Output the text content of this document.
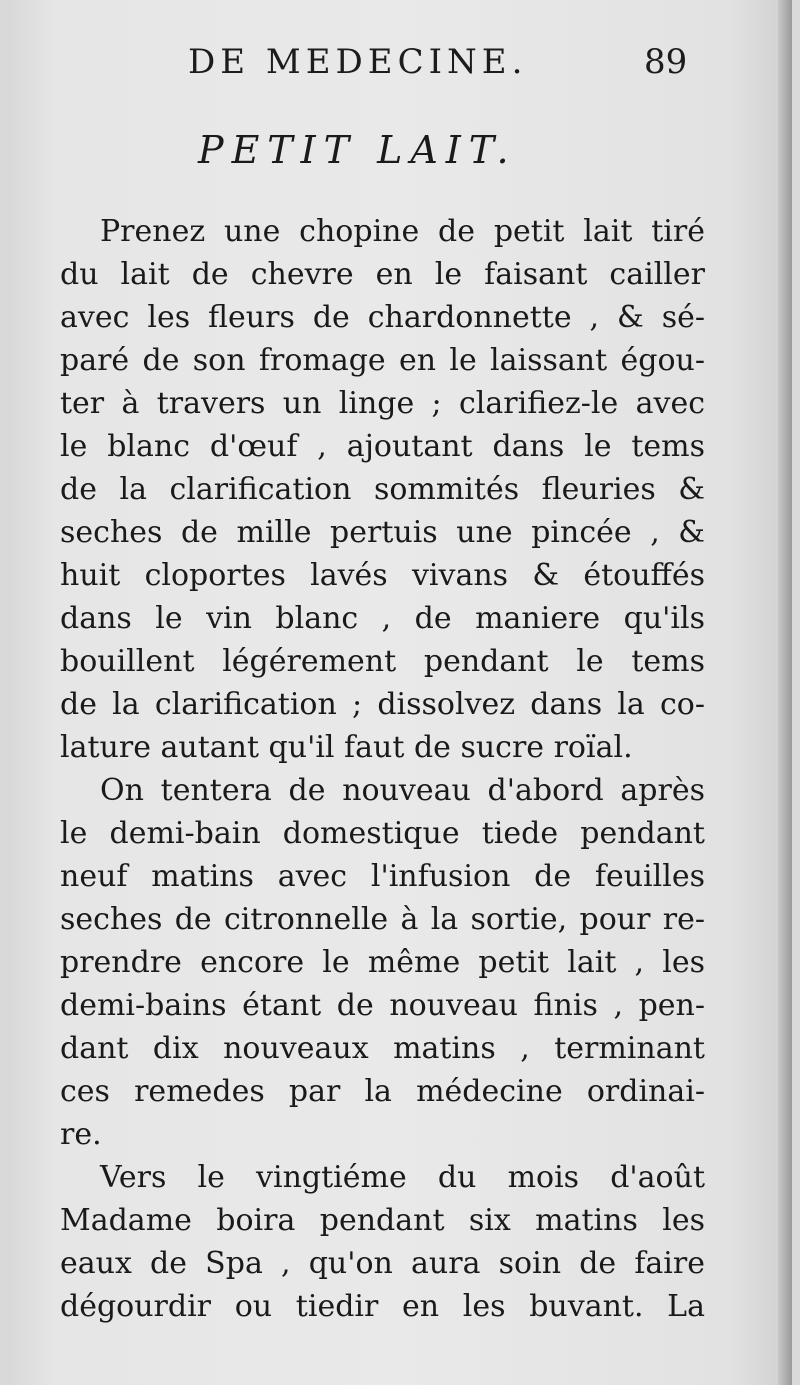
DE MEDECINE.	89
PETIT LAIT.
Prenez une chopine de petit lait tiré
du lait de chevre en le faisant cailler
avec les fleurs de chardonnette , & sé-
paré de son fromage en le laissant égou-
ter à travers un linge ; clarifiez-le avec
le blanc d'œuf , ajoutant dans le tems
de la clarification sommités fleuries &
seches de mille pertuis une pincée , &
huit cloportes lavés vivans & étouffés
dans le vin blanc , de maniere qu'ils
bouillent légérement pendant le tems
de la clarification ; dissolvez dans la co-
lature autant qu'il faut de sucre roïal.
On tentera de nouveau d'abord après
le demi-bain domestique tiede pendant
neuf matins avec l'infusion de feuilles
seches de citronnelle à la sortie, pour re-
prendre encore le même petit lait , les
demi-bains étant de nouveau finis , pen-
dant dix nouveaux matins , terminant
ces remedes par la médecine ordinai-
re.
Vers le vingtiéme du mois d'août
Madame boira pendant six matins les
eaux de Spa , qu'on aura soin de faire
dégourdir ou tiedir en les buvant. La
